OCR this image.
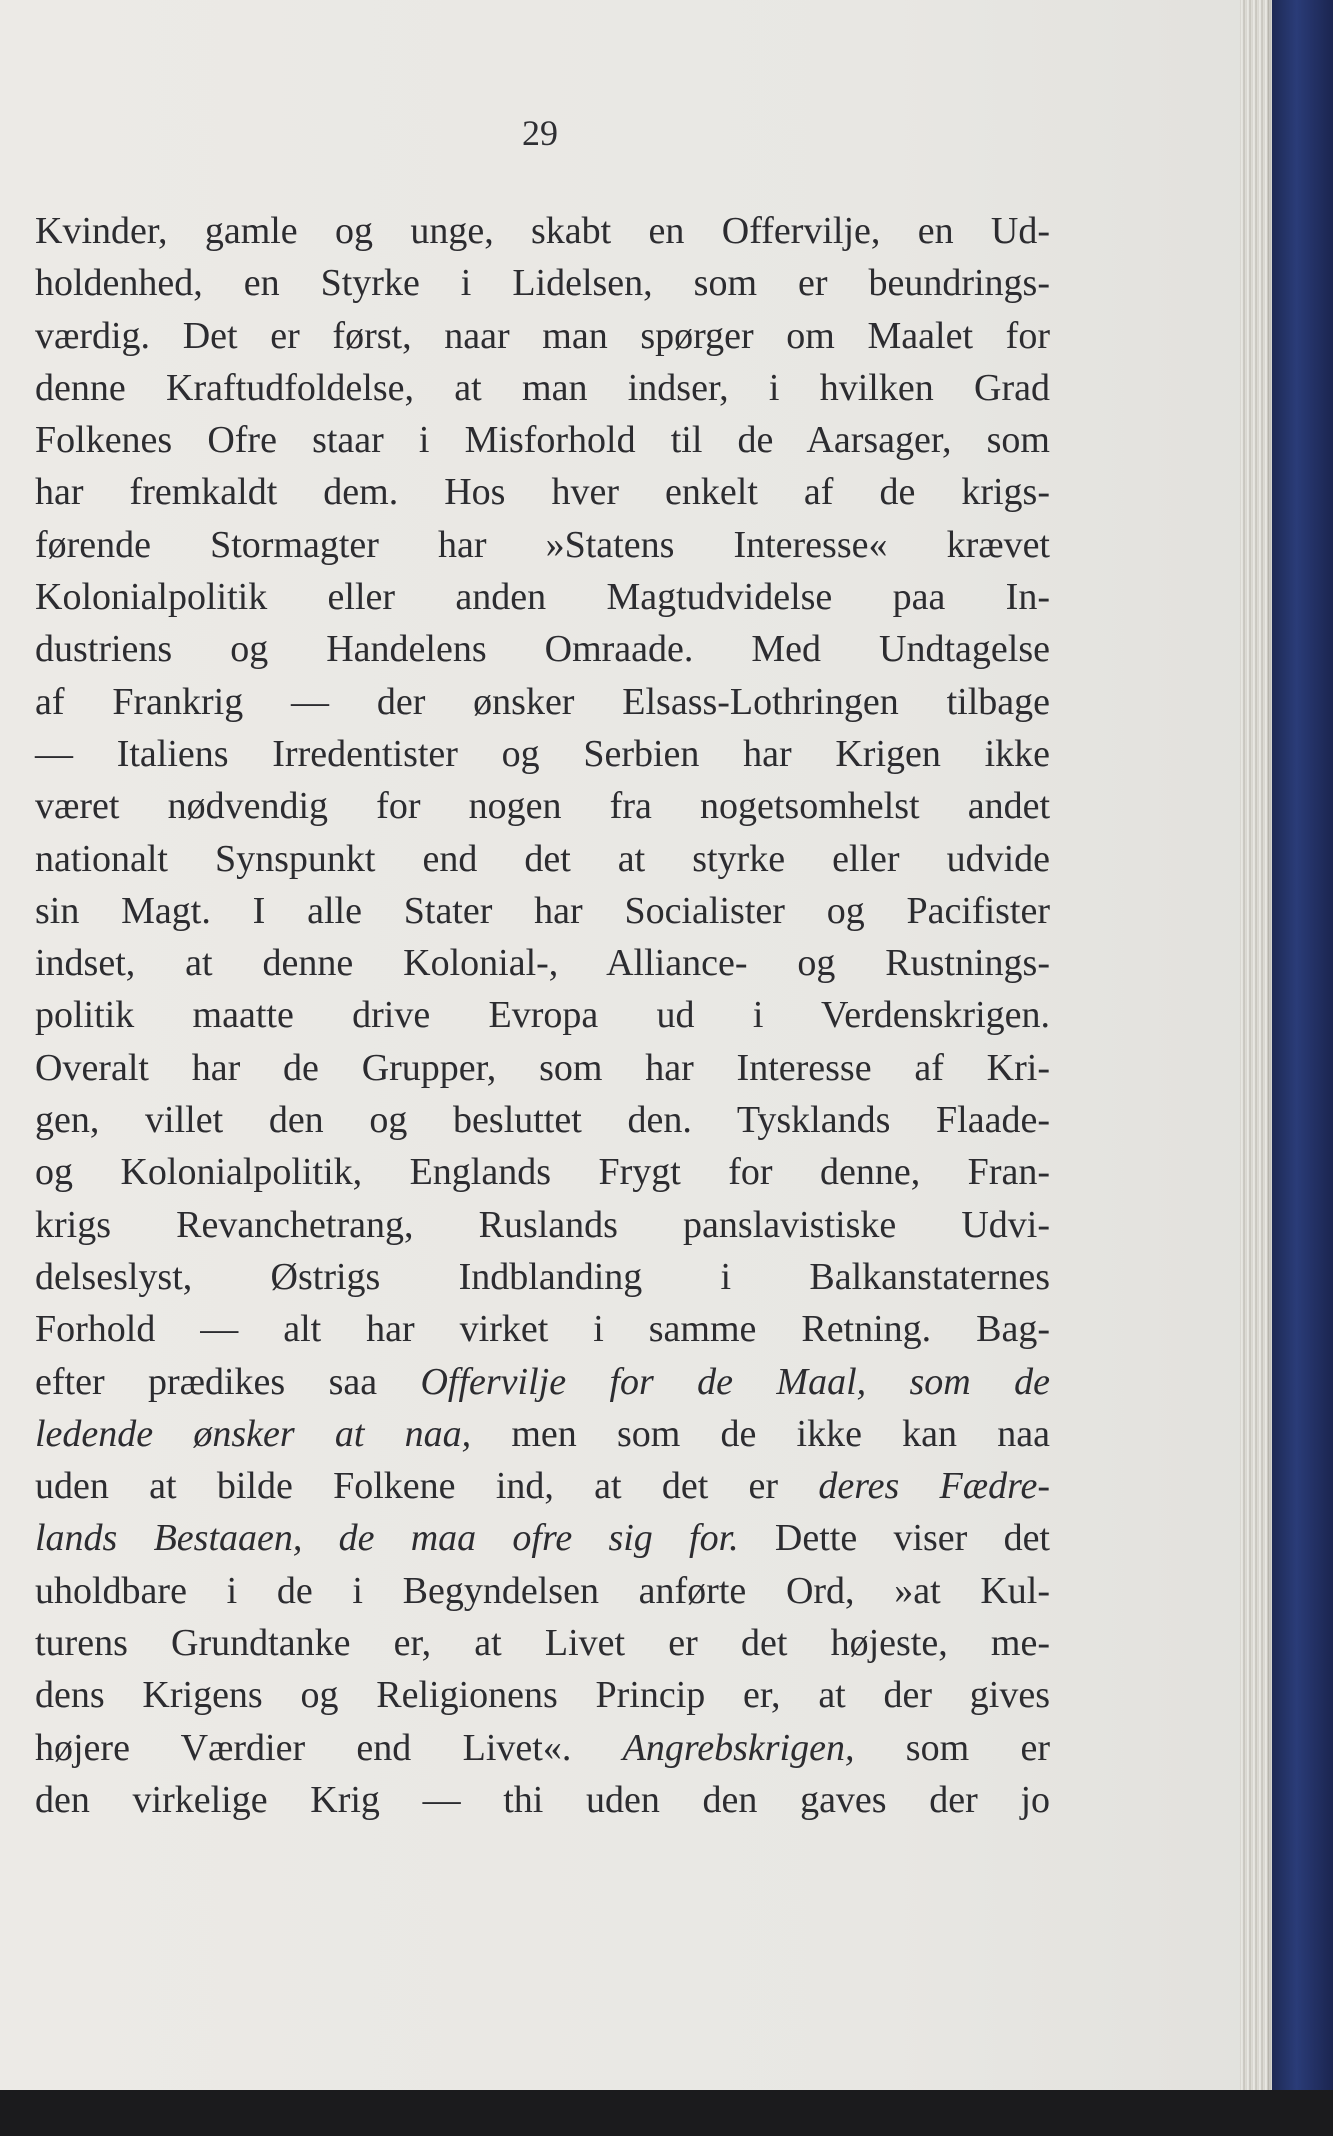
29
Kvinder, gamle og unge, skabt en Offervilje, en Ud-
holdenhed, en Styrke i Lidelsen, som er beundrings-
værdig. Det er først, naar man spørger om Maalet for
denne Kraftudfoldelse, at man indser, i hvilken Grad
Folkenes Ofre staar i Misforhold til de Aarsager, som
har fremkaldt dem. Hos hver enkelt af de krigs-
førende Stormagter har »Statens Interesse« krævet
Kolonialpolitik eller anden Magtudvidelse paa In-
dustriens og Handelens Omraade. Med Undtagelse
af Frankrig — der ønsker Elsass-Lothringen tilbage
— Italiens Irredentister og Serbien har Krigen ikke
været nødvendig for nogen fra nogetsomhelst andet
nationalt Synspunkt end det at styrke eller udvide
sin Magt. I alle Stater har Socialister og Pacifister
indset, at denne Kolonial-, Alliance- og Rustnings-
politik maatte drive Evropa ud i Verdenskrigen.
Overalt har de Grupper, som har Interesse af Kri-
gen, villet den og besluttet den. Tysklands Flaade-
og Kolonialpolitik, Englands Frygt for denne, Fran-
krigs Revanchetrang, Ruslands panslavistiske Udvi-
delseslyst, Østrigs Indblanding i Balkanstaternes
Forhold — alt har virket i samme Retning. Bag-
efter prædikes saa Offervilje for de Maal, som de
ledende ønsker at naa, men som de ikke kan naa
uden at bilde Folkene ind, at det er deres Fædre-
lands Bestaaen, de maa ofre sig for. Dette viser det
uholdbare i de i Begyndelsen anførte Ord, »at Kul-
turens Grundtanke er, at Livet er det højeste, me-
dens Krigens og Religionens Princip er, at der gives
højere Værdier end Livet«. Angrebskrigen, som er
den virkelige Krig — thi uden den gaves der jo
